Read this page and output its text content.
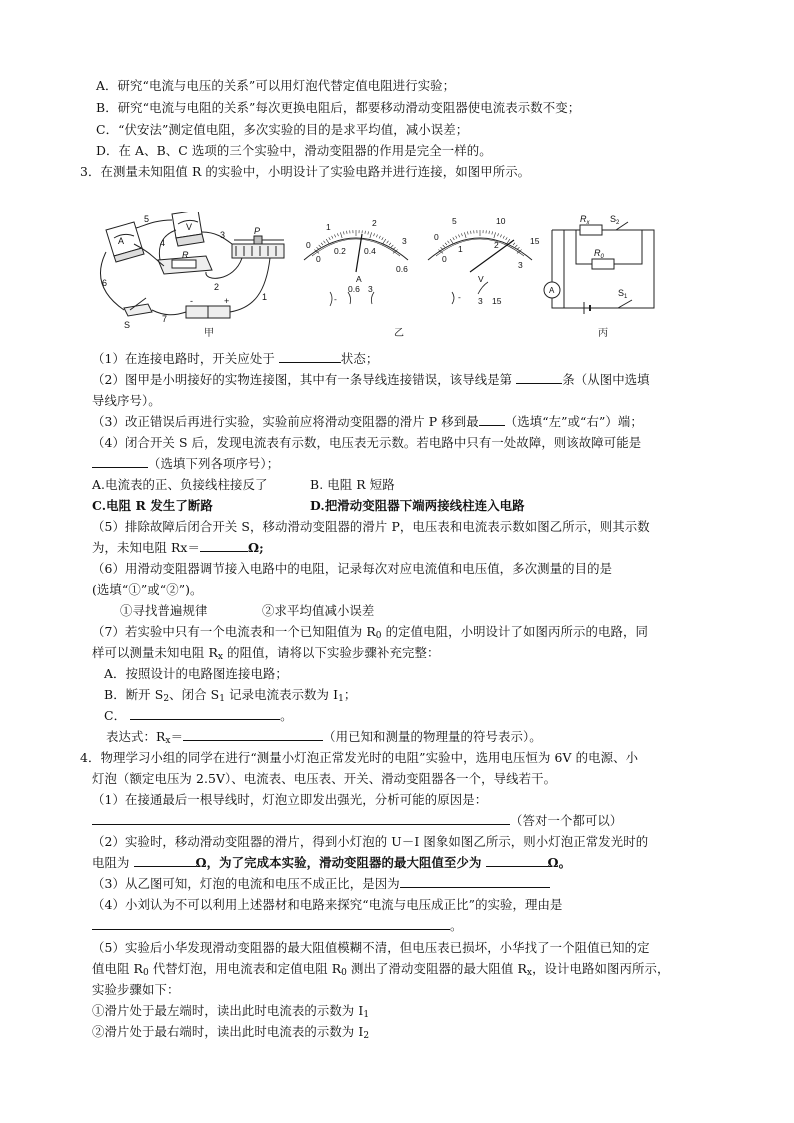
A．研究“电流与电压的关系”可以用灯泡代替定值电阻进行实验；
B．研究“电流与电阻的关系”每次更换电阻后，都要移动滑动变阻器使电流表示数不变；
C．“伏安法”测定值电阻，多次实验的目的是求平均值，减小误差；
D．在 A、B、C 选项的三个实验中，滑动变阻器的作用是完全一样的。
3．在测量未知阻值 R 的实验中，小明设计了实验电路并进行连接，如图甲所示。
A
V
R
P
S
-	+	1
2
3
4
5
6
7
甲
0
1	2
3
0
0.2 0.4
0.6
A
-
0.6 3
乙
0
5	10
15
0
1	2
3
V
- 3 15
$R_x$ $S_2$
$R_0$
A	$S_1$
丙
（1）在连接电路时，开关应处于	状态；
（2）图甲是小明接好的实物连接图，其中有一条导线连接错误，该导线是第	条（从图中选填
导线序号）。
（3）改正错误后再进行实验，实验前应将滑动变阻器的滑片 P 移到最 （选填“左”或“右”）端；
（4）闭合开关 S 后，发现电流表有示数，电压表无示数。若电路中只有一处故障，则该故障可能是
（选填下列各项序号）；
A.电流表的正、负接线柱接反了	B. 电阻 R 短路
C.电阻 R 发生了断路	D.把滑动变阻器下端两接线柱连入电路
（5）排除故障后闭合开关 S，移动滑动变阻器的滑片 P，电压表和电流表示数如图乙所示，则其示数
为，未知电阻 Rx＝	Ω;
（6）用滑动变阻器调节接入电路中的电阻，记录每次对应电流值和电压值，多次测量的目的是
(选填“①”或“②”)。
①寻找普遍规律	②求平均值减小误差
（7）若实验中只有一个电流表和一个已知阻值为 $R_0$ 的定值电阻，小明设计了如图丙所示的电路，同
样可以测量未知电阻 $R_x$ 的阻值，请将以下实验步骤补充完整：
A．按照设计的电路图连接电路；
B．断开 $S_2$、闭合 $S_1$ 记录电流表示数为 $I_1$；
C．	。
表达式：$R_x=$	（用已知和测量的物理量的符号表示）。
4．物理学习小组的同学在进行“测量小灯泡正常发光时的电阻”实验中，选用电压恒为 6V 的电源、小
灯泡（额定电压为 2.5V）、电流表、电压表、开关、滑动变阻器各一个，导线若干。
（1）在接通最后一根导线时，灯泡立即发出强光，分析可能的原因是：
（答对一个都可以）
（2）实验时，移动滑动变阻器的滑片，得到小灯泡的 U－I 图象如图乙所示，则小灯泡正常发光时的
电阻为	Ω，为了完成本实验，滑动变阻器的最大阻值至少为	Ω。
（3）从乙图可知，灯泡的电流和电压不成正比，是因为
（4）小刘认为不可以利用上述器材和电路来探究“电流与电压成正比”的实验，理由是
。
（5）实验后小华发现滑动变阻器的最大阻值模糊不清，但电压表已损坏，小华找了一个阻值已知的定
值电阻 $R_0$ 代替灯泡，用电流表和定值电阻 $R_0$ 测出了滑动变阻器的最大阻值 $R_x$，设计电路如图丙所示，
实验步骤如下：
①滑片处于最左端时，读出此时电流表的示数为 $I_1$
②滑片处于最右端时，读出此时电流表的示数为 $I_2$
